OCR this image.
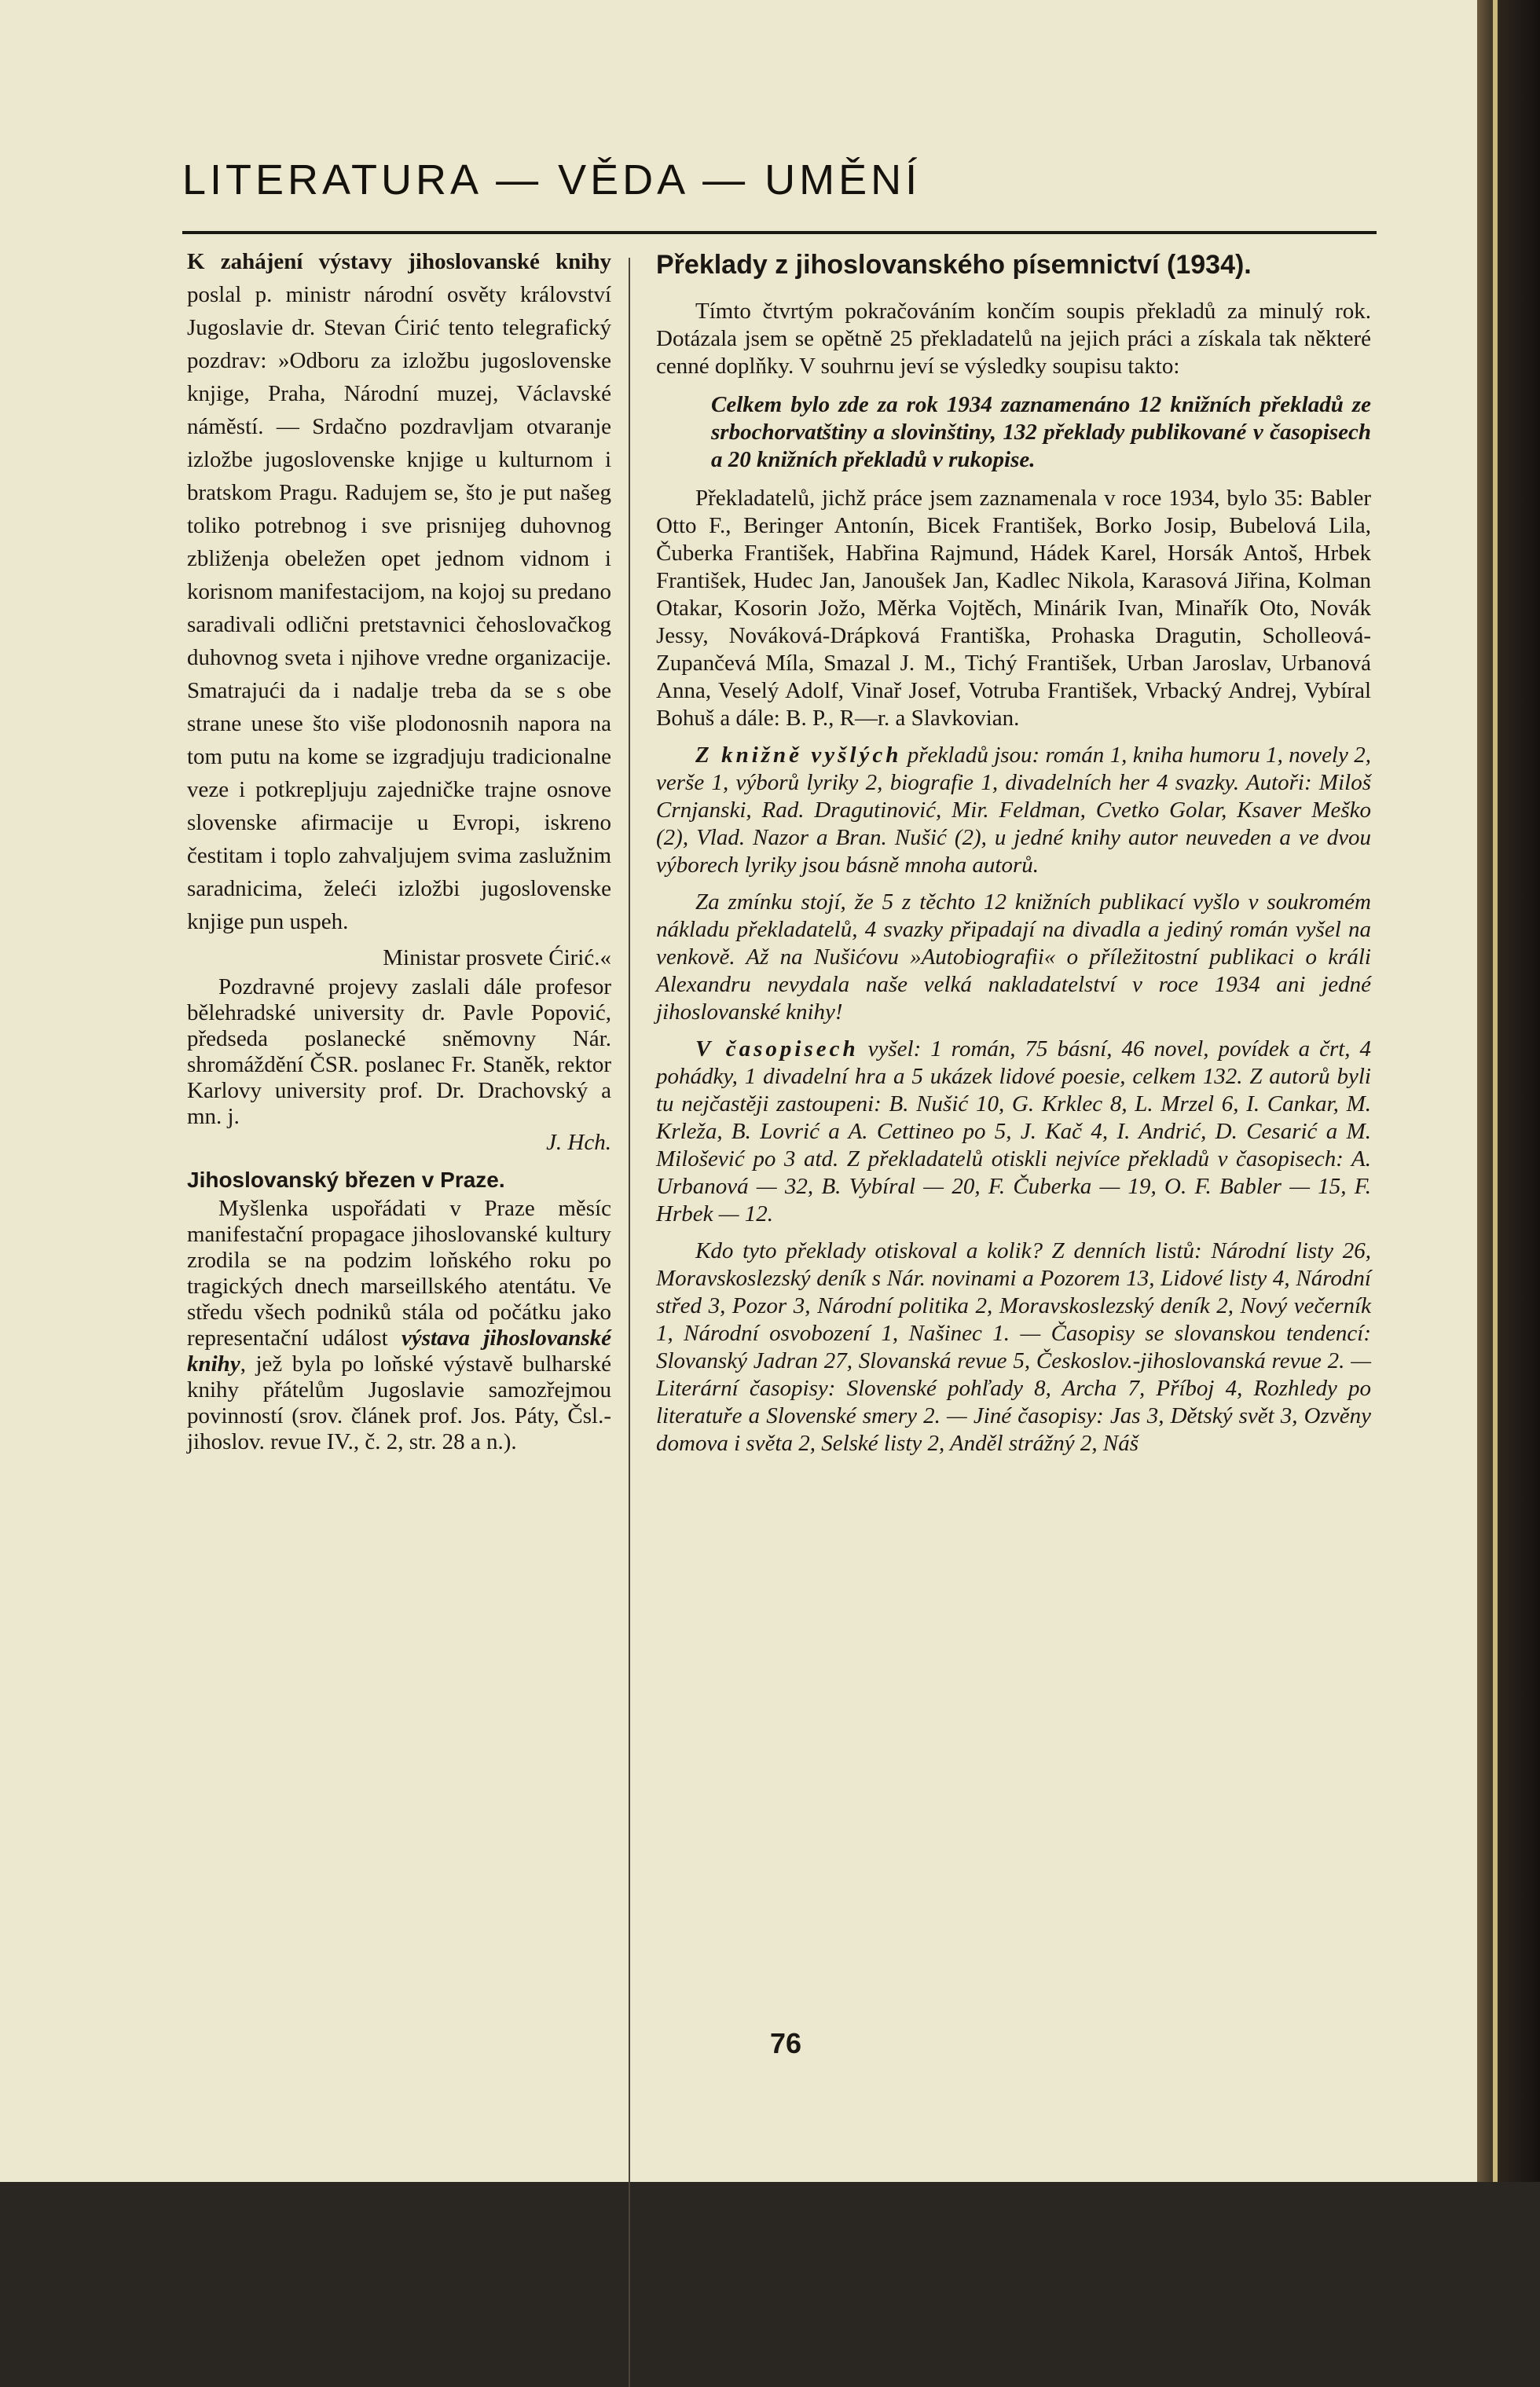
LITERATURA — VĚDA — UMĚNÍ

K zahájení výstavy jihoslovanské knihy poslal p. ministr národní osvěty království Jugoslavie dr. Stevan Ćirić tento telegrafický pozdrav: »Odboru za izložbu jugoslovenske knjige, Praha, Národní muzej, Václavské náměstí. — Srdačno pozdravljam otvaranje izložbe jugoslovenske knjige u kulturnom i bratskom Pragu. Radujem se, što je put našeg toliko potrebnog i sve prisnijeg duhovnog zbliženja obeležen opet jednom vidnom i korisnom manifestacijom, na kojoj su predano saradivali odlični pretstavnici čehoslovačkog duhovnog sveta i njihove vredne organizacije. Smatrajući da i nadalje treba da se s obe strane unese što više plodonosnih napora na tom putu na kome se izgradjuju tradicionalne veze i potkrepljuju zajedničke trajne osnove slovenske afirmacije u Evropi, iskreno čestitam i toplo zahvaljujem svima zaslužnim saradnicima, želeći izložbi jugoslovenske knjige pun uspeh.

Ministar prosvete Ćirić.«

Pozdravné projevy zaslali dále profesor bělehradské university dr. Pavle Popović, předseda poslanecké sněmovny Nár. shromáždění ČSR. poslanec Fr. Staněk, rektor Karlovy university prof. Dr. Drachovský a mn. j.

J. Hch.

Jihoslovanský březen v Praze.

Myšlenka uspořádati v Praze měsíc manifestační propagace jihoslovanské kultury zrodila se na podzim loňského roku po tragických dnech marseillského atentátu. Ve středu všech podniků stála od počátku jako representační událost výstava jihoslovanské knihy, jež byla po loňské výstavě bulharské knihy přátelům Jugoslavie samozřejmou povinností (srov. článek prof. Jos. Páty, Čsl.-jihoslov. revue IV., č. 2, str. 28 a n.).

Překlady z jihoslovanského písemnictví (1934).

Tímto čtvrtým pokračováním končím soupis překladů za minulý rok. Dotázala jsem se opětně 25 překladatelů na jejich práci a získala tak některé cenné doplňky. V souhrnu jeví se výsledky soupisu takto:

Celkem bylo zde za rok 1934 zaznamenáno 12 knižních překladů ze srbochorvatštiny a slovinštiny, 132 překlady publikované v časopisech a 20 knižních překladů v rukopise.

Překladatelů, jichž práce jsem zaznamenala v roce 1934, bylo 35: Babler Otto F., Beringer Antonín, Bicek František, Borko Josip, Bubelová Lila, Čuberka František, Habřina Rajmund, Hádek Karel, Horsák Antoš, Hrbek František, Hudec Jan, Janoušek Jan, Kadlec Nikola, Karasová Jiřina, Kolman Otakar, Kosorin Jožo, Měrka Vojtěch, Minárik Ivan, Minařík Oto, Novák Jessy, Nováková-Drápková Františka, Prohaska Dragutin, Scholleová-Zupančevá Míla, Smazal J. M., Tichý František, Urban Jaroslav, Urbanová Anna, Veselý Adolf, Vinař Josef, Votruba František, Vrbacký Andrej, Vybíral Bohuš a dále: B. P., R—r. a Slavkovian.

Z knižně vyšlých překladů jsou: román 1, kniha humoru 1, novely 2, verše 1, výborů lyriky 2, biografie 1, divadelních her 4 svazky. Autoři: Miloš Crnjanski, Rad. Dragutinović, Mir. Feldman, Cvetko Golar, Ksaver Meško (2), Vlad. Nazor a Bran. Nušić (2), u jedné knihy autor neuveden a ve dvou výborech lyriky jsou básně mnoha autorů.

Za zmínku stojí, že 5 z těchto 12 knižních publikací vyšlo v soukromém nákladu překladatelů, 4 svazky připadají na divadla a jediný román vyšel na venkově. Až na Nušićovu »Autobiografii« o příležitostní publikaci o králi Alexandru nevydala naše velká nakladatelství v roce 1934 ani jedné jihoslovanské knihy!

V časopisech vyšel: 1 román, 75 básní, 46 novel, povídek a črt, 4 pohádky, 1 divadelní hra a 5 ukázek lidové poesie, celkem 132. Z autorů byli tu nejčastěji zastoupeni: B. Nušić 10, G. Krklec 8, L. Mrzel 6, I. Cankar, M. Krleža, B. Lovrić a A. Cettineo po 5, J. Kač 4, I. Andrić, D. Cesarić a M. Milošević po 3 atd. Z překladatelů otiskli nejvíce překladů v časopisech: A. Urbanová — 32, B. Vybíral — 20, F. Čuberka — 19, O. F. Babler — 15, F. Hrbek — 12.

Kdo tyto překlady otiskoval a kolik? Z denních listů: Národní listy 26, Moravskoslezský deník s Nár. novinami a Pozorem 13, Lidové listy 4, Národní střed 3, Pozor 3, Národní politika 2, Moravskoslezský deník 2, Nový večerník 1, Národní osvobození 1, Našinec 1. — Časopisy se slovanskou tendencí: Slovanský Jadran 27, Slovanská revue 5, Českoslov.-jihoslovanská revue 2. — Literární časopisy: Slovenské pohľady 8, Archa 7, Příboj 4, Rozhledy po literatuře a Slovenské smery 2. — Jiné časopisy: Jas 3, Dětský svět 3, Ozvěny domova i světa 2, Selské listy 2, Anděl strážný 2, Náš

76
